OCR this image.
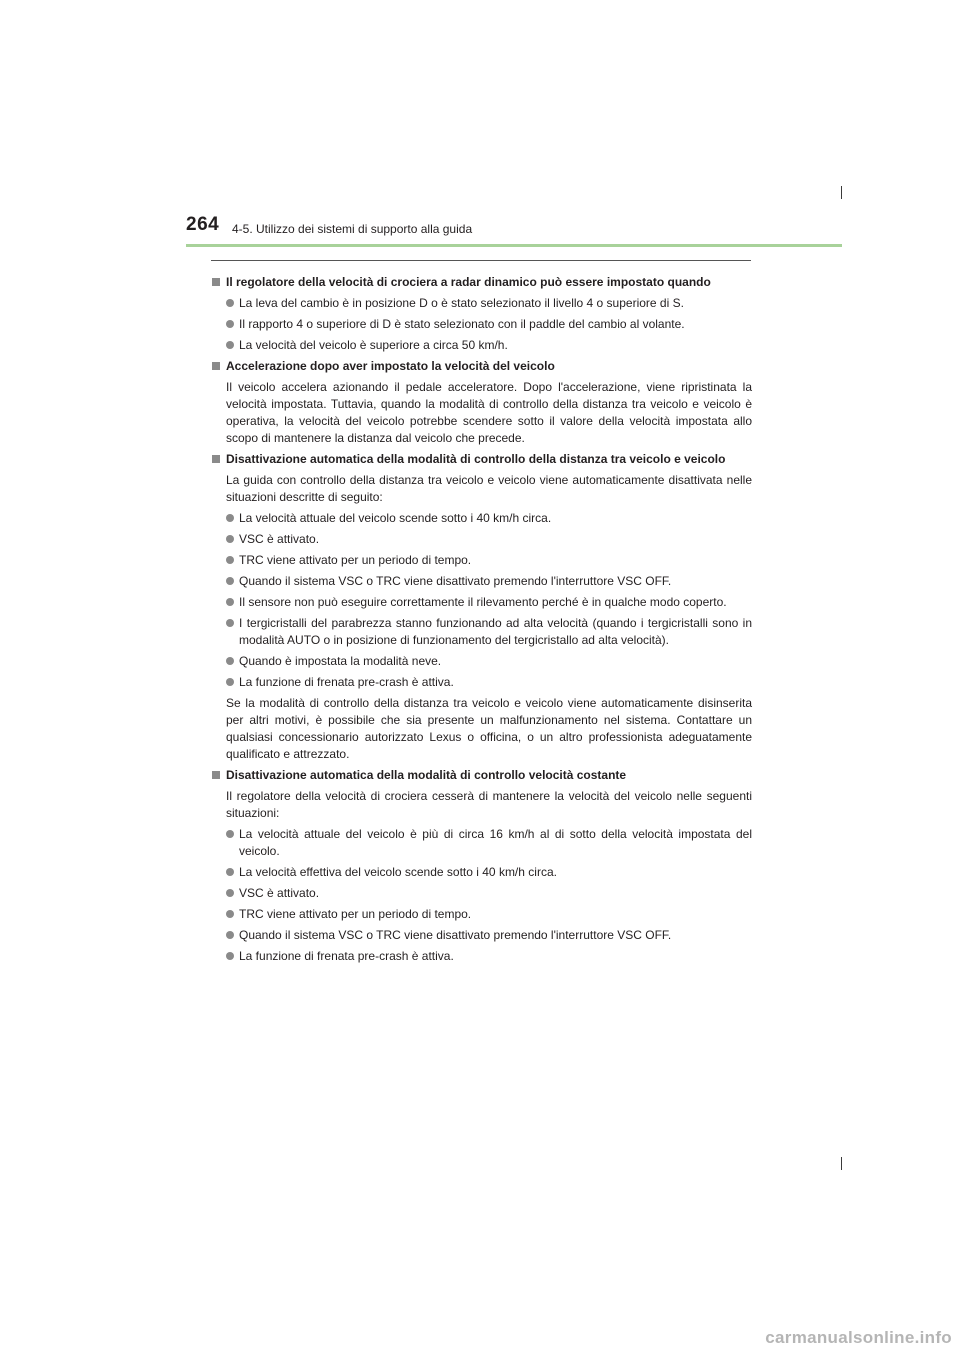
264 4-5. Utilizzo dei sistemi di supporto alla guida
Il regolatore della velocità di crociera a radar dinamico può essere impostato quando
La leva del cambio è in posizione D o è stato selezionato il livello 4 o superiore di S.
Il rapporto 4 o superiore di D è stato selezionato con il paddle del cambio al volante.
La velocità del veicolo è superiore a circa 50 km/h.
Accelerazione dopo aver impostato la velocità del veicolo
Il veicolo accelera azionando il pedale acceleratore. Dopo l'accelerazione, viene ripristinata la velocità impostata. Tuttavia, quando la modalità di controllo della distanza tra veicolo e veicolo è operativa, la velocità del veicolo potrebbe scendere sotto il valore della velocità impostata allo scopo di mantenere la distanza dal veicolo che precede.
Disattivazione automatica della modalità di controllo della distanza tra veicolo e veicolo
La guida con controllo della distanza tra veicolo e veicolo viene automaticamente disattivata nelle situazioni descritte di seguito:
La velocità attuale del veicolo scende sotto i 40 km/h circa.
VSC è attivato.
TRC viene attivato per un periodo di tempo.
Quando il sistema VSC o TRC viene disattivato premendo l'interruttore VSC OFF.
Il sensore non può eseguire correttamente il rilevamento perché è in qualche modo coperto.
I tergicristalli del parabrezza stanno funzionando ad alta velocità (quando i tergicristalli sono in modalità AUTO o in posizione di funzionamento del tergicristallo ad alta velocità).
Quando è impostata la modalità neve.
La funzione di frenata pre-crash è attiva.
Se la modalità di controllo della distanza tra veicolo e veicolo viene automaticamente disinserita per altri motivi, è possibile che sia presente un malfunzionamento nel sistema. Contattare un qualsiasi concessionario autorizzato Lexus o officina, o un altro professionista adeguatamente qualificato e attrezzato.
Disattivazione automatica della modalità di controllo velocità costante
Il regolatore della velocità di crociera cesserà di mantenere la velocità del veicolo nelle seguenti situazioni:
La velocità attuale del veicolo è più di circa 16 km/h al di sotto della velocità impostata del veicolo.
La velocità effettiva del veicolo scende sotto i 40 km/h circa.
VSC è attivato.
TRC viene attivato per un periodo di tempo.
Quando il sistema VSC o TRC viene disattivato premendo l'interruttore VSC OFF.
La funzione di frenata pre-crash è attiva.
carmanualsonline.info
